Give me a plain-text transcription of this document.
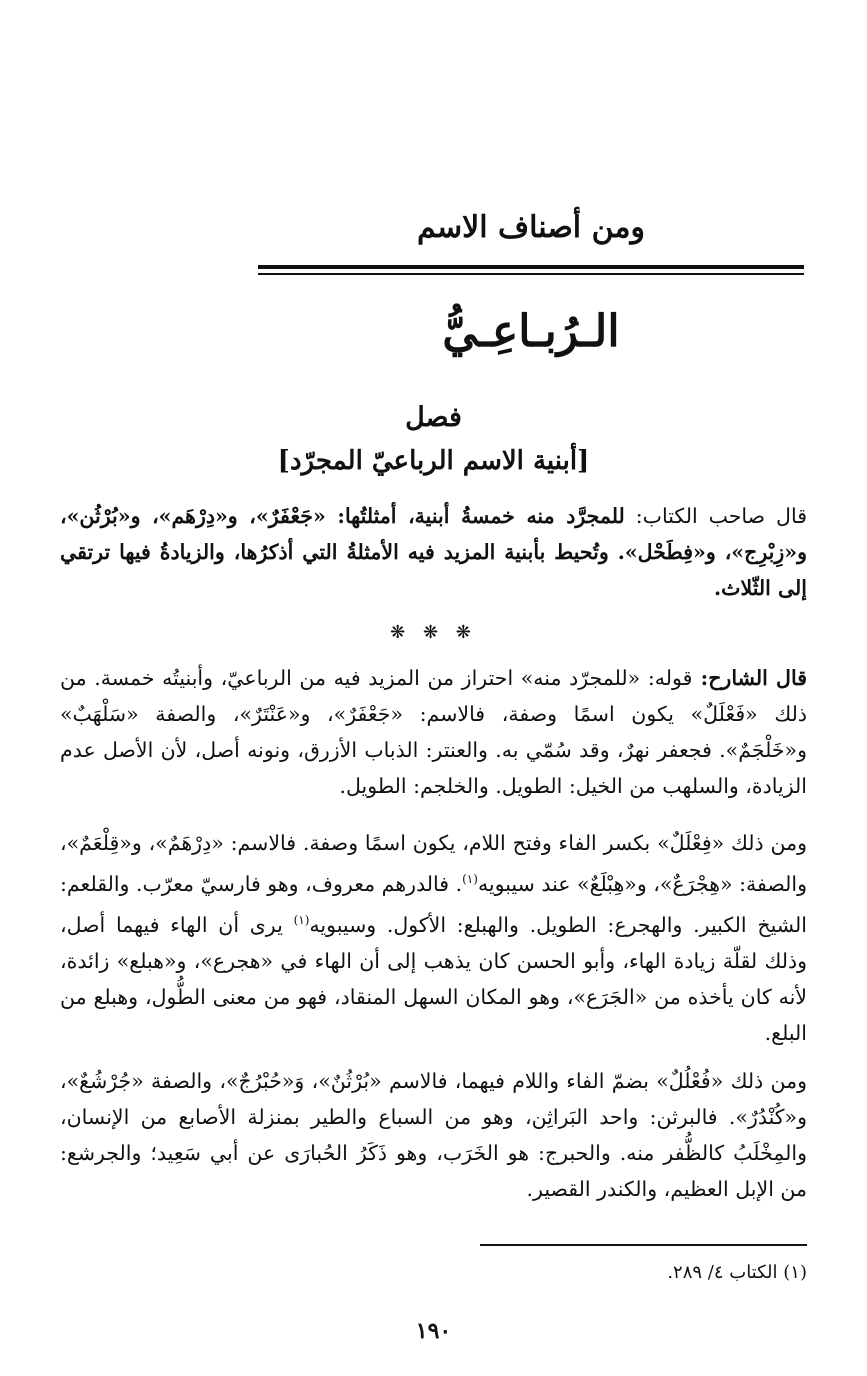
ومن أصناف الاسم
الـرُبـاعِـيُّ
فصل
[أبنية الاسم الرباعيّ المجرّد]
قال صاحب الكتاب: للمجرَّد منه خمسةُ أبنية، أمثلتُها: «جَعْفَرٌ»، و«دِرْهَم»، و«بُرْثُن»، و«زِبْرِج»، و«فِطَحْل». وتُحيط بأبنية المزيد فيه الأمثلةُ التي أذكرُها، والزيادةُ فيها ترتقي إلى الثّلاث.
❋ ❋ ❋
قال الشارح: قوله: «للمجرّد منه» احتراز من المزيد فيه من الرباعيّ، وأبنيتُه خمسة. من ذلك «فَعْلَلٌ» يكون اسمًا وصفة، فالاسم: «جَعْفَرٌ»، و«عَنْتَرٌ»، والصفة «سَلْهَبٌ» و«خَلْجَمٌ». فجعفر نهرٌ، وقد سُمّي به. والعنتر: الذباب الأزرق، ونونه أصل، لأن الأصل عدم الزيادة، والسلهب من الخيل: الطويل. والخلجم: الطويل.
ومن ذلك «فِعْلَلٌ» بكسر الفاء وفتح اللام، يكون اسمًا وصفة. فالاسم: «دِرْهَمٌ»، و«قِلْعَمٌ»، والصفة: «هِجْرَعٌ»، و«هِبْلَعٌ» عند سيبويه$^{(١)}$. فالدرهم معروف، وهو فارسيّ معرّب. والقلعم: الشيخ الكبير. والهجرع: الطويل. والهبلع: الأكول. وسيبويه$^{(١)}$ يرى أن الهاء فيهما أصل، وذلك لقلّة زيادة الهاء، وأبو الحسن كان يذهب إلى أن الهاء في «هجرع»، و«هبلع» زائدة، لأنه كان يأخذه من «الجَرَع»، وهو المكان السهل المنقاد، فهو من معنى الطُّول، وهبلع من البلع.
ومن ذلك «فُعْلُلٌ» بضمّ الفاء واللام فيهما، فالاسم «بُرْثُنٌ»، وَ«حُبْرُجٌ»، والصفة «جُرْشُعٌ»، و«كُنْدُرٌ». فالبرثن: واحد البَراثِن، وهو من السباع والطير بمنزلة الأصابع من الإنسان، والمِخْلَبُ كالظُّفر منه. والحبرج: هو الخَرَب، وهو ذَكَرُ الحُبارَى عن أبي سَعِيد؛ والجرشع: من الإبل العظيم، والكندر القصير.
(١) الكتاب ٤/ ٢٨٩.
١٩٠
